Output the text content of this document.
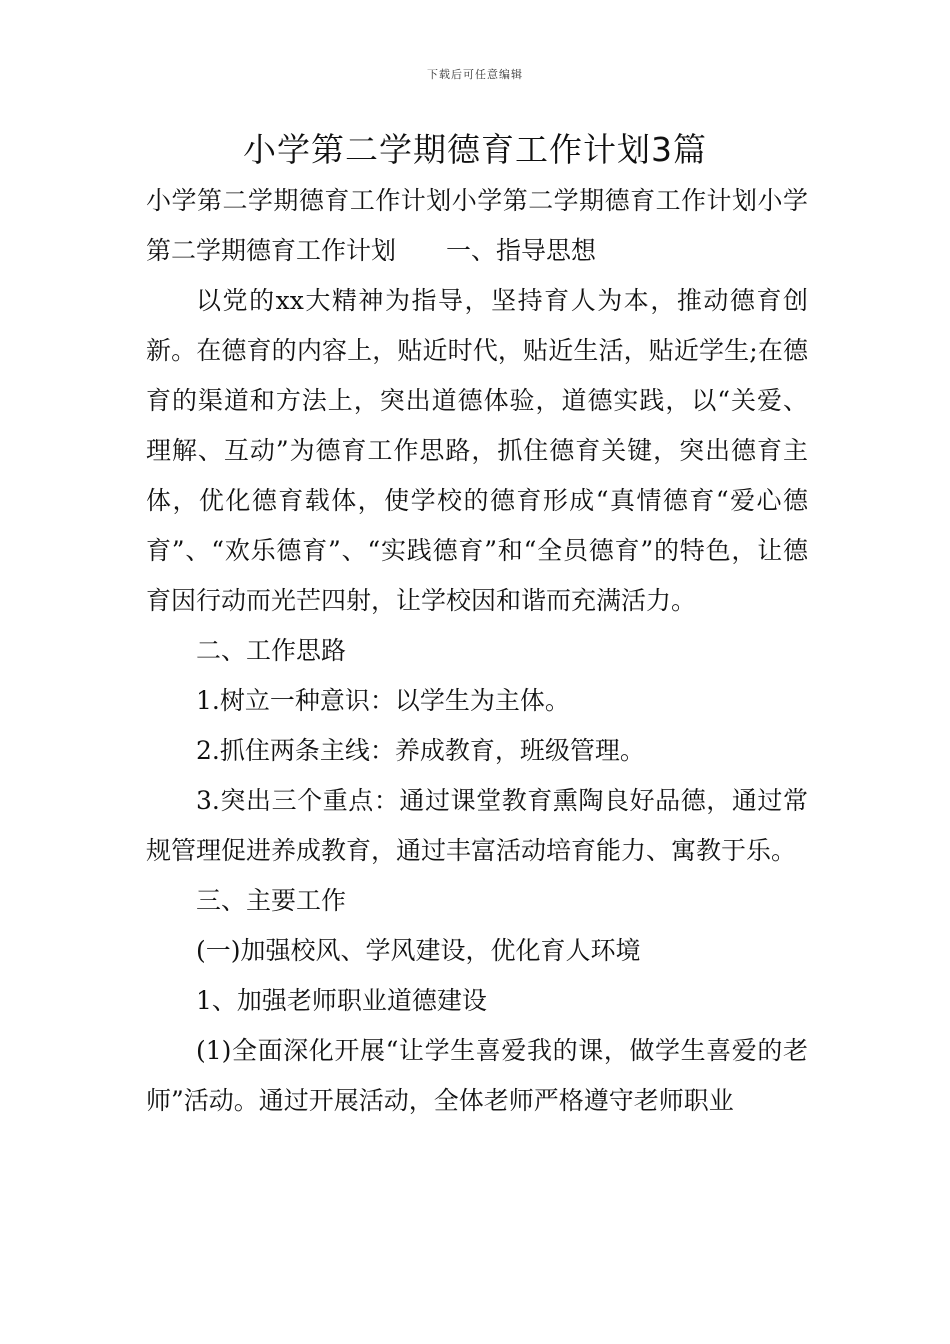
下载后可任意编辑
小学第二学期德育工作计划3篇

小学第二学期德育工作计划小学第二学期德育工作计划小学第二学期德育工作计划 一、指导思想

以党的xx大精神为指导，坚持育人为本，推动德育创新。在德育的内容上，贴近时代，贴近生活，贴近学生;在德育的渠道和方法上，突出道德体验，道德实践，以“关爱、理解、互动”为德育工作思路，抓住德育关键，突出德育主体，优化德育载体，使学校的德育形成“真情德育“爱心德育”、“欢乐德育”、“实践德育”和“全员德育”的特色，让德育因行动而光芒四射，让学校因和谐而充满活力。

二、工作思路

1.树立一种意识：以学生为主体。

2.抓住两条主线：养成教育，班级管理。

3.突出三个重点：通过课堂教育熏陶良好品德，通过常规管理促进养成教育，通过丰富活动培育能力、寓教于乐。

三、主要工作

(一)加强校风、学风建设，优化育人环境

1、加强老师职业道德建设

(1)全面深化开展“让学生喜爱我的课，做学生喜爱的老师”活动。通过开展活动，全体老师严格遵守老师职业
